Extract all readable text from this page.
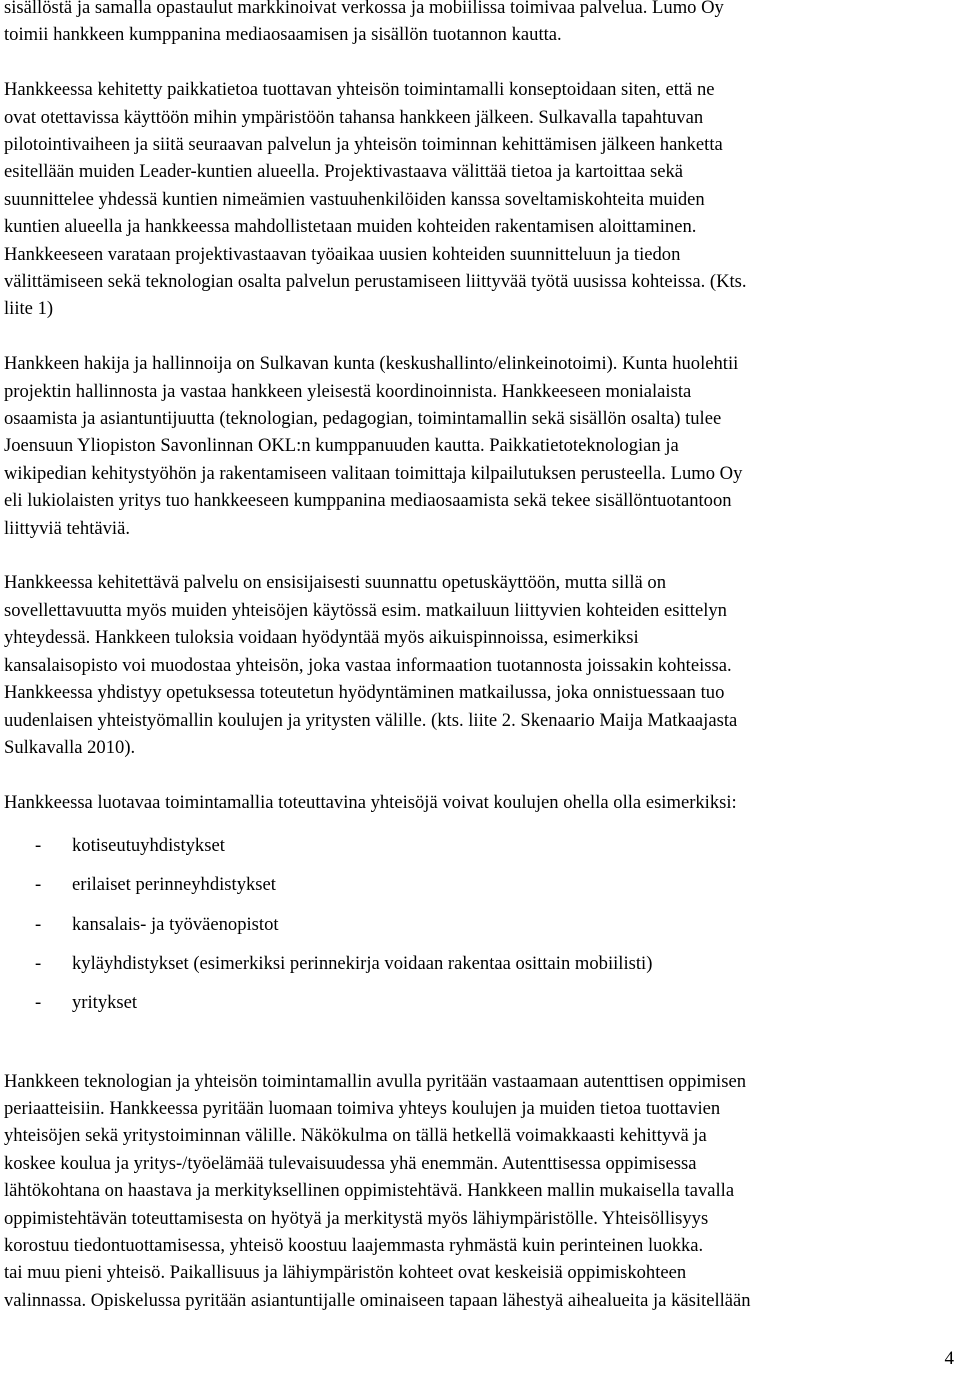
sisällöstä ja samalla opastaulut markkinoivat verkossa ja mobiilissa toimivaa palvelua. Lumo Oy
toimii hankkeen kumppanina mediaosaamisen ja sisällön tuotannon kautta.

Hankkeessa kehitetty paikkatietoa tuottavan yhteisön toimintamalli konseptoidaan siten, että ne
ovat otettavissa käyttöön mihin ympäristöön tahansa hankkeen jälkeen. Sulkavalla tapahtuvan
pilotointivaiheen ja siitä seuraavan palvelun ja yhteisön toiminnan kehittämisen jälkeen hanketta
esitellään muiden Leader-kuntien alueella. Projektivastaava välittää tietoa ja kartoittaa sekä
suunnittelee yhdessä kuntien nimeämien vastuuhenkilöiden kanssa soveltamiskohteita muiden
kuntien alueella ja hankkeessa mahdollistetaan muiden kohteiden rakentamisen aloittaminen.
Hankkeeseen varataan projektivastaavan työaikaa uusien kohteiden suunnitteluun ja tiedon
välittämiseen sekä teknologian osalta palvelun perustamiseen liittyvää työtä uusissa kohteissa. (Kts.
liite 1)

Hankkeen hakija ja hallinnoija on Sulkavan kunta (keskushallinto/elinkeinotoimi). Kunta huolehtii
projektin hallinnosta ja vastaa hankkeen yleisestä koordinoinnista. Hankkeeseen monialaista
osaamista ja asiantuntijuutta (teknologian, pedagogian, toimintamallin sekä sisällön osalta) tulee
Joensuun Yliopiston Savonlinnan OKL:n kumppanuuden kautta. Paikkatietoteknologian ja
wikipedian kehitystyöhön ja rakentamiseen valitaan toimittaja kilpailutuksen perusteella. Lumo Oy
eli lukiolaisten yritys tuo hankkeeseen kumppanina mediaosaamista sekä tekee sisällöntuotantoon
liittyviä tehtäviä.

Hankkeessa kehitettävä palvelu on ensisijaisesti suunnattu opetuskäyttöön, mutta sillä on
sovellettavuutta myös muiden yhteisöjen käytössä esim. matkailuun liittyvien kohteiden esittelyn
yhteydessä. Hankkeen tuloksia voidaan hyödyntää myös aikuispinnoissa, esimerkiksi
kansalaisopisto voi muodostaa yhteisön, joka vastaa informaation tuotannosta joissakin kohteissa.
Hankkeessa yhdistyy opetuksessa toteutetun hyödyntäminen matkailussa, joka onnistuessaan tuo
uudenlaisen yhteistyömallin koulujen ja yritysten välille. (kts. liite 2. Skenaario Maija Matkaajasta
Sulkavalla 2010).

Hankkeessa luotavaa toimintamallia toteuttavina yhteisöjä voivat koulujen ohella olla esimerkiksi:

-	kotiseutuyhdistykset
-	erilaiset perinneyhdistykset
-	kansalais- ja työväenopistot
-	kyläyhdistykset (esimerkiksi perinnekirja voidaan rakentaa osittain mobiilisti)
-	yritykset

Hankkeen teknologian ja yhteisön toimintamallin avulla pyritään vastaamaan autenttisen oppimisen
periaatteisiin. Hankkeessa pyritään luomaan toimiva yhteys koulujen ja muiden tietoa tuottavien
yhteisöjen sekä yritystoiminnan välille. Näkökulma on tällä hetkellä voimakkaasti kehittyvä ja
koskee koulua ja yritys-/työelämää tulevaisuudessa yhä enemmän. Autenttisessa oppimisessa
lähtökohtana on haastava ja merkityksellinen oppimistehtävä. Hankkeen mallin mukaisella tavalla
oppimistehtävän toteuttamisesta on hyötyä ja merkitystä myös lähiympäristölle. Yhteisöllisyys
korostuu tiedontuottamisessa, yhteisö koostuu laajemmasta ryhmästä kuin perinteinen luokka.
tai muu pieni yhteisö. Paikallisuus ja lähiympäristön kohteet ovat keskeisiä oppimiskohteen
valinnassa. Opiskelussa pyritään asiantuntijalle ominaiseen tapaan lähestyä aihealueita ja käsitellään

4
